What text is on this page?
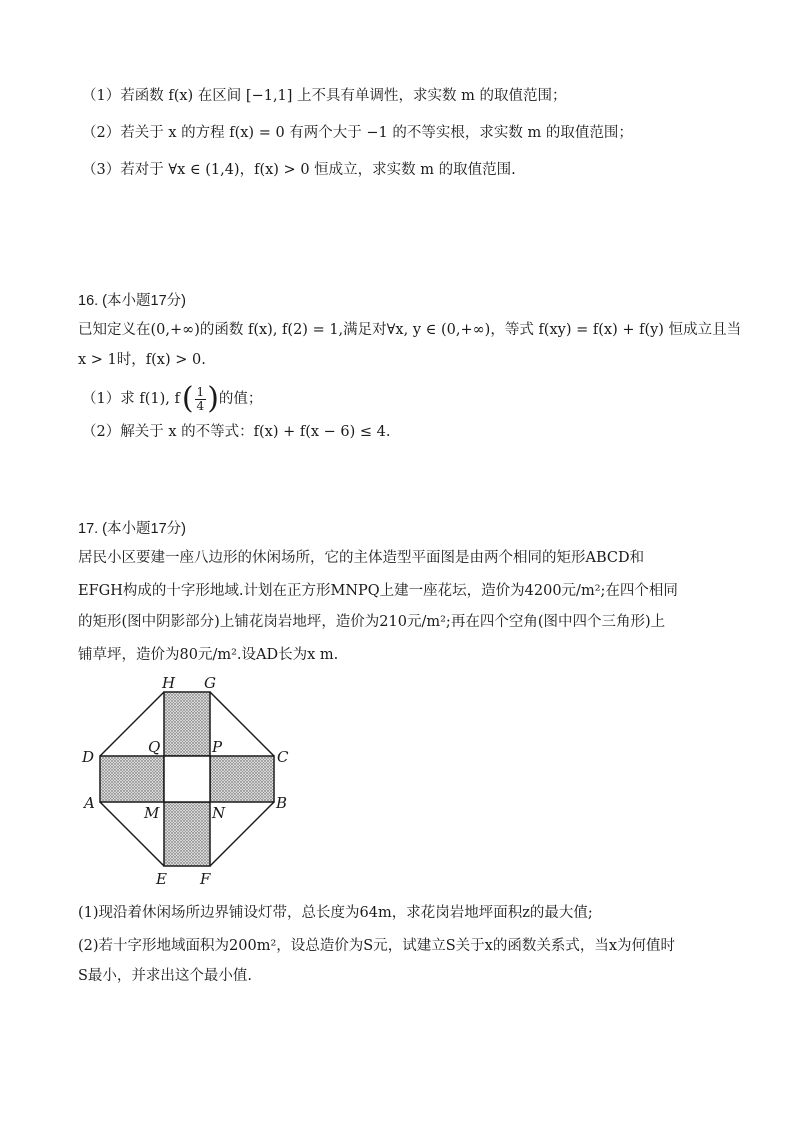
（1）若函数 f(x) 在区间 [−1,1] 上不具有单调性，求实数 m 的取值范围；
（2）若关于 x 的方程 f(x) = 0 有两个大于 −1 的不等实根，求实数 m 的取值范围；
（3）若对于 ∀x ∈ (1,4)，f(x) > 0 恒成立，求实数 m 的取值范围.
16. (本小题17分)
已知定义在(0,+∞)的函数 f(x), f(2) = 1,满足对∀x, y ∈ (0,+∞)，等式 f(xy) = f(x) + f(y) 恒成立且当
x > 1时，f(x) > 0.
（1）求 f(1), f ( $\frac{1}{4}$ ) 的值；
（2）解关于 x 的不等式：f(x) + f(x − 6) ≤ 4.
17. (本小题17分)
居民小区要建一座八边形的休闲场所，它的主体造型平面图是由两个相同的矩形ABCD和
EFGH构成的十字形地域.计划在正方形MNPQ上建一座花坛，造价为4200元/m²;在四个相同
的矩形(图中阴影部分)上铺花岗岩地坪，造价为210元/m²;再在四个空角(图中四个三角形)上
铺草坪，造价为80元/m².设AD长为x m.
H G
D
Q	P
C
A
M	N
B
E F
(1)现沿着休闲场所边界铺设灯带，总长度为64m，求花岗岩地坪面积z的最大值;
(2)若十字形地域面积为200m²，设总造价为S元，试建立S关于x的函数关系式，当x为何值时
S最小，并求出这个最小值.
